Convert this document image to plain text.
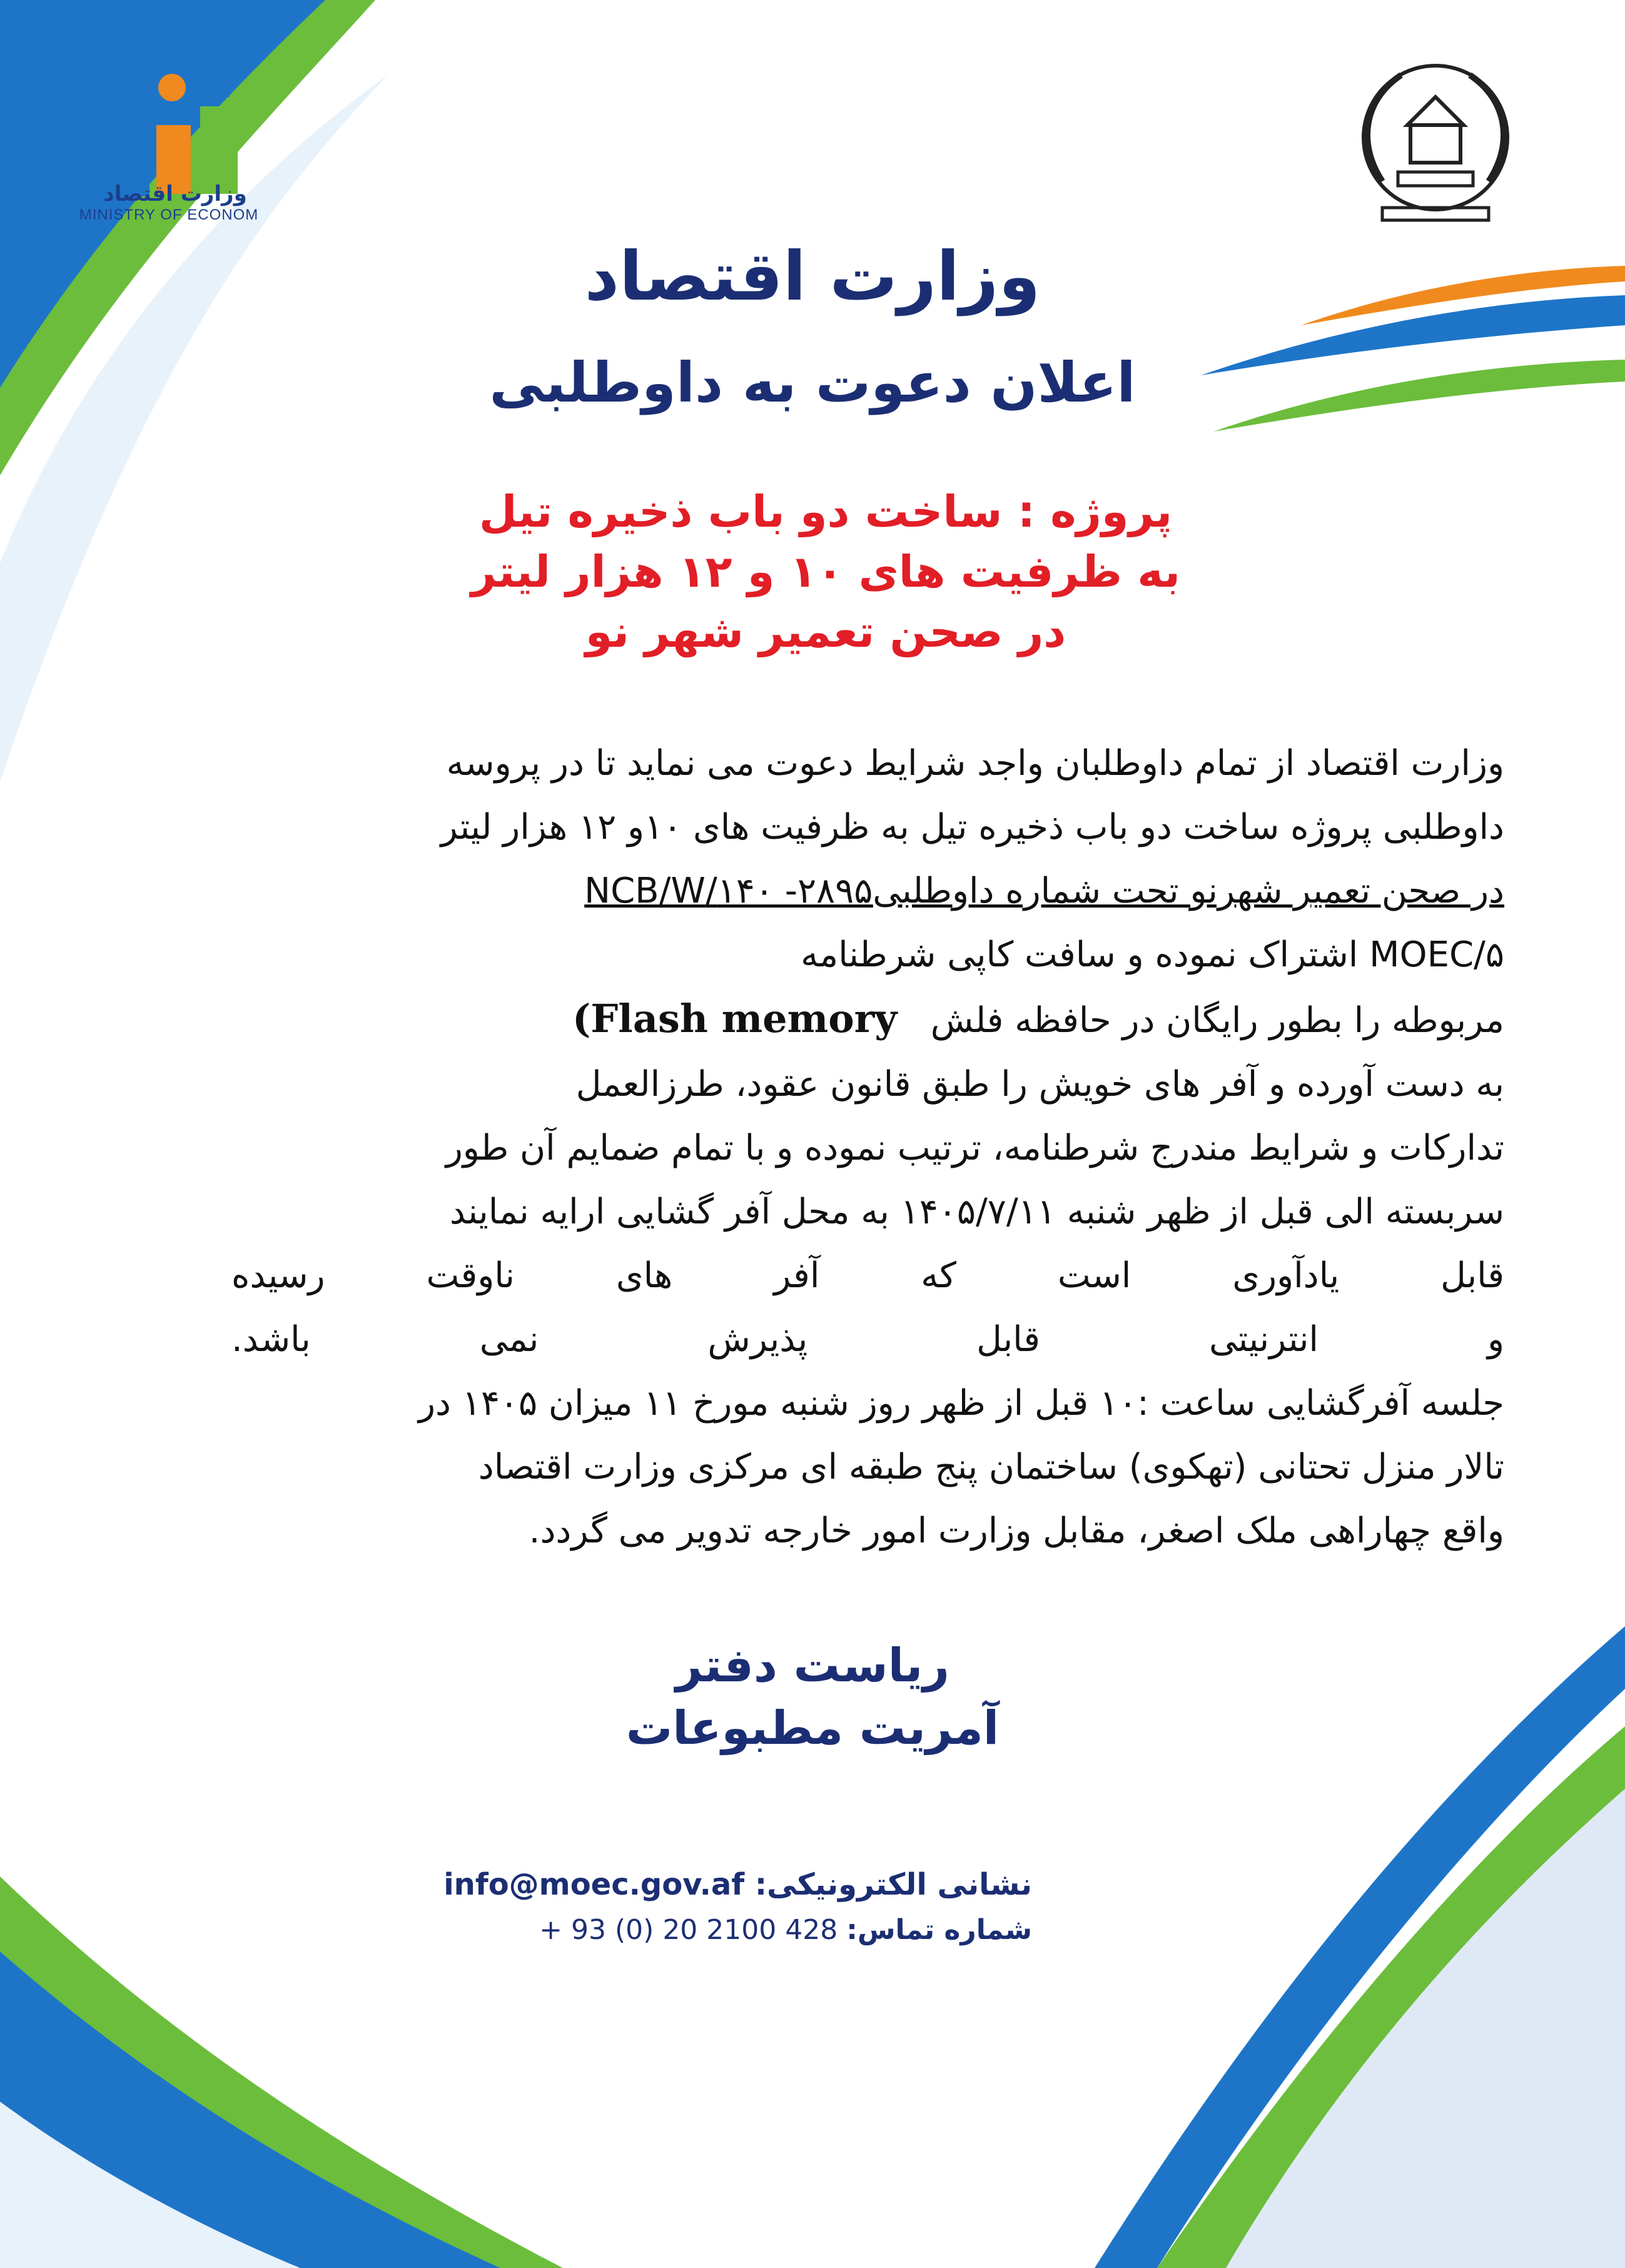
وزارت اقتصاد
MINISTRY OF ECONOM
وزارت اقتصاد
اعلان دعوت به داوطلبی
پروژه : ساخت دو باب ذخیره تیل
به ظرفیت های ۱۰ و ۱۲ هزار لیتر
در صحن تعمیر شهر نو
وزارت اقتصاد از تمام داوطلبان واجد شرایط دعوت می نماید تا در پروسه
داوطلبی پروژه ساخت دو باب ذخیره تیل به ظرفیت های ۱۰و ۱۲ هزار لیتر
در صحن تعمیر شهرنو تحت شماره داوطلبی۲۸۹۵- ۱۴۰/NCB/W
MOEC/۵ اشتراک نموده و سافت کاپی شرطنامه
مربوطه را بطور رایگان در حافظه فلش   (Flash memory
به دست آورده و آفر های خویش را طبق قانون عقود، طرزالعمل
تدارکات و شرایط مندرج شرطنامه، ترتیب نموده و با تمام ضمایم آن طور
سربسته الی قبل از ظهر شنبه ۱۴۰۵/۷/۱۱ به محل آفر گشایی ارایه نمایند
قابل یادآوری است که آفر های ناوقت رسیده
و انترنیتی قابل پذیرش نمی باشد.
جلسه آفرگشایی ساعت :۱۰ قبل از ظهر روز شنبه مورخ ۱۱ میزان ۱۴۰۵ در
تالار منزل تحتانی (تهکوی) ساختمان پنج طبقه ای مرکزی وزارت اقتصاد
واقع چهاراهی ملک اصغر، مقابل وزارت امور خارجه تدویر می گردد.
ریاست دفتر
آمریت مطبوعات
نشانی الکترونیکی: info@moec.gov.af
شماره تماس: + 93 (0) 20 2100 428
